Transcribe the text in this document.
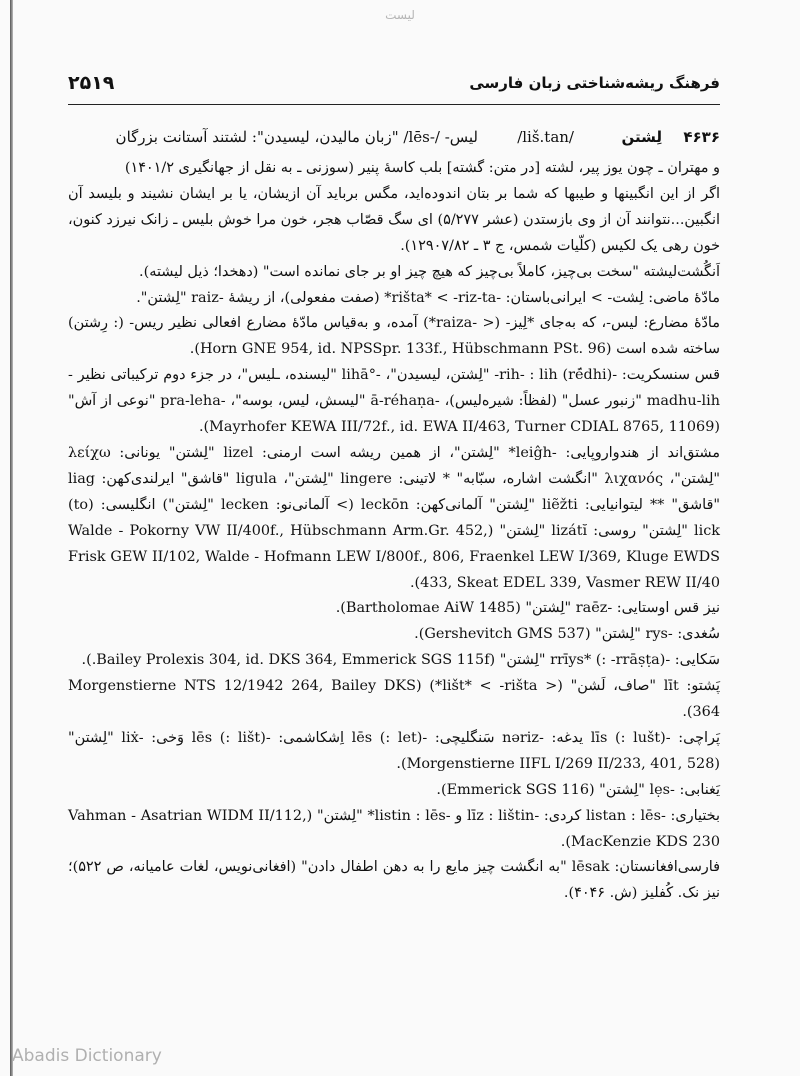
لیست
فرهنگ ریشه‌شناختی زبان فارسی
۲۵۱۹
۴۶۳۶
لِشتن
/liš.tan/
لیس- /-lēs/ "زبان مالیدن، لیسیدن": لشتند آستانت بزرگان

و مهتران ـ چون یوز پیر، لشته [در متن: گشته] بلب کاسهٔ پنیر (سوزنی ـ به نقل از جهانگیری ۱۴۰۱/۲)

اگر از این انگبینها و طیبها که شما بر بتان اندوده‌اید، مگس برباید آن ازیشان، یا بر ایشان نشیند و بلیسد آن انگبین...نتوانند آن از وی بازستدن (عشر ۵/۲۷۷) ای سگ قصّاب هجر، خون مرا خوش بلیس ـ زانک نیرزد کنون، خون رهی یک لکیس (کلّیات شمس، ج ۳ ـ ۱۲۹۰۷/۸۲).

اَنگُشت‌لیشته "سخت بی‌چیز، کاملاً بی‌چیز که هیچ چیز او بر جای نمانده است" (دهخدا؛ ذیل لیشته).

مادّهٔ ماضی: لِشت- > ایرانی‌باستان: -rišta* < -riz-ta* (صفت مفعولی)، از ریشهٔ -raiz "لِشتن".

مادّهٔ مضارع: لیس-، که به‌جای *لِیز- (< -raiza*) آمده، و به‌قیاس مادّهٔ مضارع افعالی نظیر ریس- (: رِشتن) ساخته شده است (Horn GNE 954, id. NPSSpr. 133f., Hübschmann PSt. 96).

قس سنسکریت: -(ré̄dhi) rih- : lih- "لِشتن، لیسیدن"، -°lihā "لیسنده، ـلیس"، در جزء دوم ترکیباتی نظیر -madhu-lih "زنبور عسل" (لفظاً: شیره‌لیس)، -ā-réhaṇa "لیسش، لیس، بوسه"، -pra-leha "نوعی از آش" (Mayrhofer KEWA III/72f., id. EWA II/463, Turner CDIAL 8765, 11069).

مشتق‌اند از هندواروپایی: -leiĝh* "لِشتن"، از همین ریشه است ارمنی: lizel "لِشتن" یونانی: λείχω "لِشتن"، λιχανός "انگشت اشاره، سبّابه" * لاتینی: lingere "لِشتن"، ligula "قاشق" ایرلندی‌کهن: liag "قاشق" ** لیتوانیایی: liẽžti "لِشتن" آلمانی‌کهن: leckōn (> آلمانی‌نو: lecken "لِشتن") انگلیسی: (to) lick "لِشتن" روسی: lizátĭ "لِشتن" (Walde - Pokorny VW II/400f., Hübschmann Arm.Gr. 452, Frisk GEW II/102, Walde - Hofmann LEW I/800f., 806, Fraenkel LEW I/369, Kluge EWDS 433, Skeat EDEL 339, Vasmer REW II/40).

نیز قس اوستایی: -raēz "لِشتن" (Bartholomae AiW 1485).

سُغدی: -rys "لِشتن" (Gershevitch GMS 537).

سَکایی: -rrīys* (: -rrāṣṭa) "لِشتن" (Bailey Prolexis 304, id. DKS 364, Emmerick SGS 115f.).

پَشتو: līt "صاف، لَشن" (< lišt* < -rišta*) (Morgenstierne NTS 12/1942 264, Bailey DKS 364).

پَراچی: -līs (: lušt) یدغه: -nəriz سَنگلیچی: -lēs (: let) اِشکاشمی: -lēs (: lišt) وَخی: -liẋ "لِشتن" (Morgenstierne IIFL I/269 II/233, 401, 528).

یَغنابی: -lẹs "لِشتن" (Emmerick SGS 116).

بختیاری: -listan : lēs کردی: -līz : lištin و -listin : lēs* "لِشتن" (Vahman - Asatrian WIDM II/112, MacKenzie KDS 230).

فارسی‌افغانستان: lēsak "به انگشت چیز مایع را به دهن اطفال دادن" (افغانی‌نویس، لغات عامیانه، ص ۵۲۲)؛ نیز نک. کُفلیز (ش. ۴۰۴۶).

Abadis Dictionary
